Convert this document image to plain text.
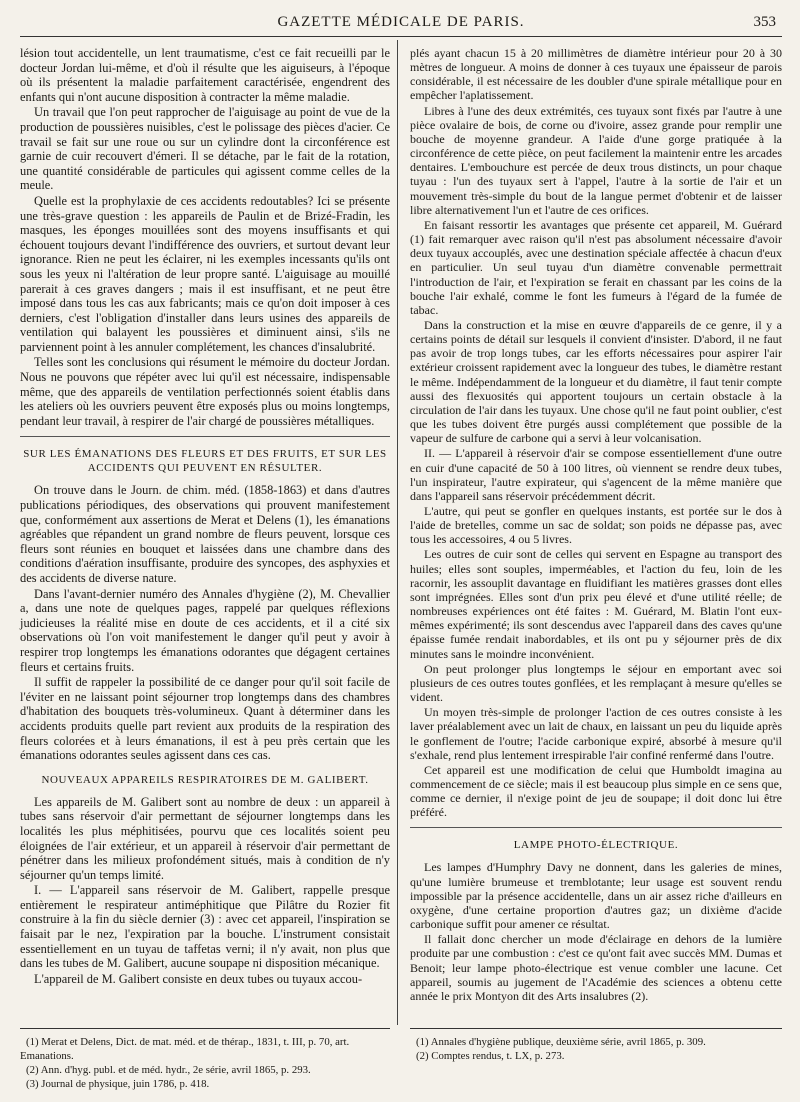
GAZETTE MÉDICALE DE PARIS.	353

lésion tout accidentelle, un lent traumatisme, c'est ce fait recueilli par le docteur Jordan lui-même, et d'où il résulte que les aiguiseurs, à l'époque où ils présentent la maladie parfaitement caractérisée, engendrent des enfants qui n'ont aucune disposition à contracter la même maladie.

Un travail que l'on peut rapprocher de l'aiguisage au point de vue de la production de poussières nuisibles, c'est le polissage des pièces d'acier. Ce travail se fait sur une roue ou sur un cylindre dont la circonférence est garnie de cuir recouvert d'émeri. Il se détache, par le fait de la rotation, une quantité considérable de particules qui agissent comme celles de la meule.

Quelle est la prophylaxie de ces accidents redoutables? Ici se présente une très-grave question : les appareils de Paulin et de Brizé-Fradin, les masques, les éponges mouillées sont des moyens insuffisants et qui échouent toujours devant l'indifférence des ouvriers, et surtout devant leur ignorance. Rien ne peut les éclairer, ni les exemples incessants qu'ils ont sous les yeux ni l'altération de leur propre santé. L'aiguisage au mouillé parerait à ces graves dangers ; mais il est insuffisant, et ne peut être imposé dans tous les cas aux fabricants; mais ce qu'on doit imposer à ces derniers, c'est l'obligation d'installer dans leurs usines des appareils de ventilation qui balayent les poussières et diminuent ainsi, s'ils ne parviennent point à les annuler complétement, les chances d'insalubrité.

Telles sont les conclusions qui résument le mémoire du docteur Jordan. Nous ne pouvons que répéter avec lui qu'il est nécessaire, indispensable même, que des appareils de ventilation perfectionnés soient établis dans les ateliers où les ouvriers peuvent être exposés plus ou moins longtemps, pendant leur travail, à respirer de l'air chargé de poussières métalliques.

SUR LES ÉMANATIONS DES FLEURS ET DES FRUITS, ET SUR LES ACCIDENTS QUI PEUVENT EN RÉSULTER.

On trouve dans le Journ. de chim. méd. (1858-1863) et dans d'autres publications périodiques, des observations qui prouvent manifestement que, conformément aux assertions de Merat et Delens (1), les émanations agréables que répandent un grand nombre de fleurs peuvent, lorsque ces fleurs sont réunies en bouquet et laissées dans une chambre dans des conditions d'aération insuffisante, produire des syncopes, des asphyxies et des accidents de diverse nature.

Dans l'avant-dernier numéro des Annales d'hygiène (2), M. Chevallier a, dans une note de quelques pages, rappelé par quelques réflexions judicieuses la réalité mise en doute de ces accidents, et il a cité six observations où l'on voit manifestement le danger qu'il peut y avoir à respirer trop longtemps les émanations odorantes que dégagent certaines fleurs et certains fruits.

Il suffit de rappeler la possibilité de ce danger pour qu'il soit facile de l'éviter en ne laissant point séjourner trop longtemps dans des chambres d'habitation des bouquets très-volumineux. Quant à déterminer dans les accidents produits quelle part revient aux produits de la respiration des fleurs colorées et à leurs émanations, il est à peu près certain que les émanations odorantes seules agissent dans ces cas.

NOUVEAUX APPAREILS RESPIRATOIRES DE M. GALIBERT.

Les appareils de M. Galibert sont au nombre de deux : un appareil à tubes sans réservoir d'air permettant de séjourner longtemps dans les localités les plus méphitisées, pourvu que ces localités soient peu éloignées de l'air extérieur, et un appareil à réservoir d'air permettant de pénétrer dans les milieux profondément situés, mais à condition de n'y séjourner qu'un temps limité.

I. — L'appareil sans réservoir de M. Galibert, rappelle presque entièrement le respirateur antiméphitique que Pilâtre du Rozier fit construire à la fin du siècle dernier (3) : avec cet appareil, l'inspiration se faisait par le nez, l'expiration par la bouche. L'instrument consistait essentiellement en un tuyau de taffetas verni; il n'y avait, non plus que dans les tubes de M. Galibert, aucune soupape ni disposition mécanique.

L'appareil de M. Galibert consiste en deux tubes ou tuyaux accou-

(1) Merat et Delens, Dict. de mat. méd. et de thérap., 1831, t. III, p. 70, art. Emanations.

(2) Ann. d'hyg. publ. et de méd. hydr., 2e série, avril 1865, p. 293.

(3) Journal de physique, juin 1786, p. 418.

plés ayant chacun 15 à 20 millimètres de diamètre intérieur pour 20 à 30 mètres de longueur. A moins de donner à ces tuyaux une épaisseur de parois considérable, il est nécessaire de les doubler d'une spirale métallique pour en empêcher l'aplatissement.

Libres à l'une des deux extrémités, ces tuyaux sont fixés par l'autre à une pièce ovalaire de bois, de corne ou d'ivoire, assez grande pour remplir une bouche de moyenne grandeur. A l'aide d'une gorge pratiquée à la circonférence de cette pièce, on peut facilement la maintenir entre les arcades dentaires. L'embouchure est percée de deux trous distincts, un pour chaque tuyau : l'un des tuyaux sert à l'appel, l'autre à la sortie de l'air et un mouvement très-simple du bout de la langue permet d'obtenir et de laisser libre alternativement l'un et l'autre de ces orifices.

En faisant ressortir les avantages que présente cet appareil, M. Guérard (1) fait remarquer avec raison qu'il n'est pas absolument nécessaire d'avoir deux tuyaux accouplés, avec une destination spéciale affectée à chacun d'eux en particulier. Un seul tuyau d'un diamètre convenable permettrait l'introduction de l'air, et l'expiration se ferait en chassant par les coins de la bouche l'air exhalé, comme le font les fumeurs à l'égard de la fumée de tabac.

Dans la construction et la mise en œuvre d'appareils de ce genre, il y a certains points de détail sur lesquels il convient d'insister. D'abord, il ne faut pas avoir de trop longs tubes, car les efforts nécessaires pour aspirer l'air extérieur croissent rapidement avec la longueur des tubes, le diamètre restant le même. Indépendamment de la longueur et du diamètre, il faut tenir compte aussi des flexuosités qui apportent toujours un certain obstacle à la circulation de l'air dans les tuyaux. Une chose qu'il ne faut point oublier, c'est que les tubes doivent être purgés aussi complétement que possible de la vapeur de sulfure de carbone qui a servi à leur volcanisation.

II. — L'appareil à réservoir d'air se compose essentiellement d'une outre en cuir d'une capacité de 50 à 100 litres, où viennent se rendre deux tubes, l'un inspirateur, l'autre expirateur, qui s'agencent de la même manière que dans l'appareil sans réservoir précédemment décrit.

L'autre, qui peut se gonfler en quelques instants, est portée sur le dos à l'aide de bretelles, comme un sac de soldat; son poids ne dépasse pas, avec tous les accessoires, 4 ou 5 livres.

Les outres de cuir sont de celles qui servent en Espagne au transport des huiles; elles sont souples, imperméables, et l'action du feu, loin de les racornir, les assouplit davantage en fluidifiant les matières grasses dont elles sont imprégnées. Elles sont d'un prix peu élevé et d'une utilité réelle; de nombreuses expériences ont été faites : M. Guérard, M. Blatin l'ont eux-mêmes expérimenté; ils sont descendus avec l'appareil dans des caves qu'une épaisse fumée rendait inabordables, et ils ont pu y séjourner près de dix minutes sans le moindre inconvénient.

On peut prolonger plus longtemps le séjour en emportant avec soi plusieurs de ces outres toutes gonflées, et les remplaçant à mesure qu'elles se vident.

Un moyen très-simple de prolonger l'action de ces outres consiste à les laver préalablement avec un lait de chaux, en laissant un peu du liquide après le gonflement de l'outre; l'acide carbonique expiré, absorbé à mesure qu'il s'exhale, rend plus lentement irrespirable l'air confiné renfermé dans l'outre.

Cet appareil est une modification de celui que Humboldt imagina au commencement de ce siècle; mais il est beaucoup plus simple en ce sens que, comme ce dernier, il n'exige point de jeu de soupape; il doit donc lui être préféré.

LAMPE PHOTO-ÉLECTRIQUE.

Les lampes d'Humphry Davy ne donnent, dans les galeries de mines, qu'une lumière brumeuse et tremblotante; leur usage est souvent rendu impossible par la présence accidentelle, dans un air assez riche d'ailleurs en oxygène, d'une certaine proportion d'autres gaz; un dixième d'acide carbonique suffit pour amener ce résultat.

Il fallait donc chercher un mode d'éclairage en dehors de la lumière produite par une combustion : c'est ce qu'ont fait avec succès MM. Dumas et Benoit; leur lampe photo-électrique est venue combler une lacune. Cet appareil, soumis au jugement de l'Académie des sciences a obtenu cette année le prix Montyon dit des Arts insalubres (2).

(1) Annales d'hygiène publique, deuxième série, avril 1865, p. 309.

(2) Comptes rendus, t. LX, p. 273.
